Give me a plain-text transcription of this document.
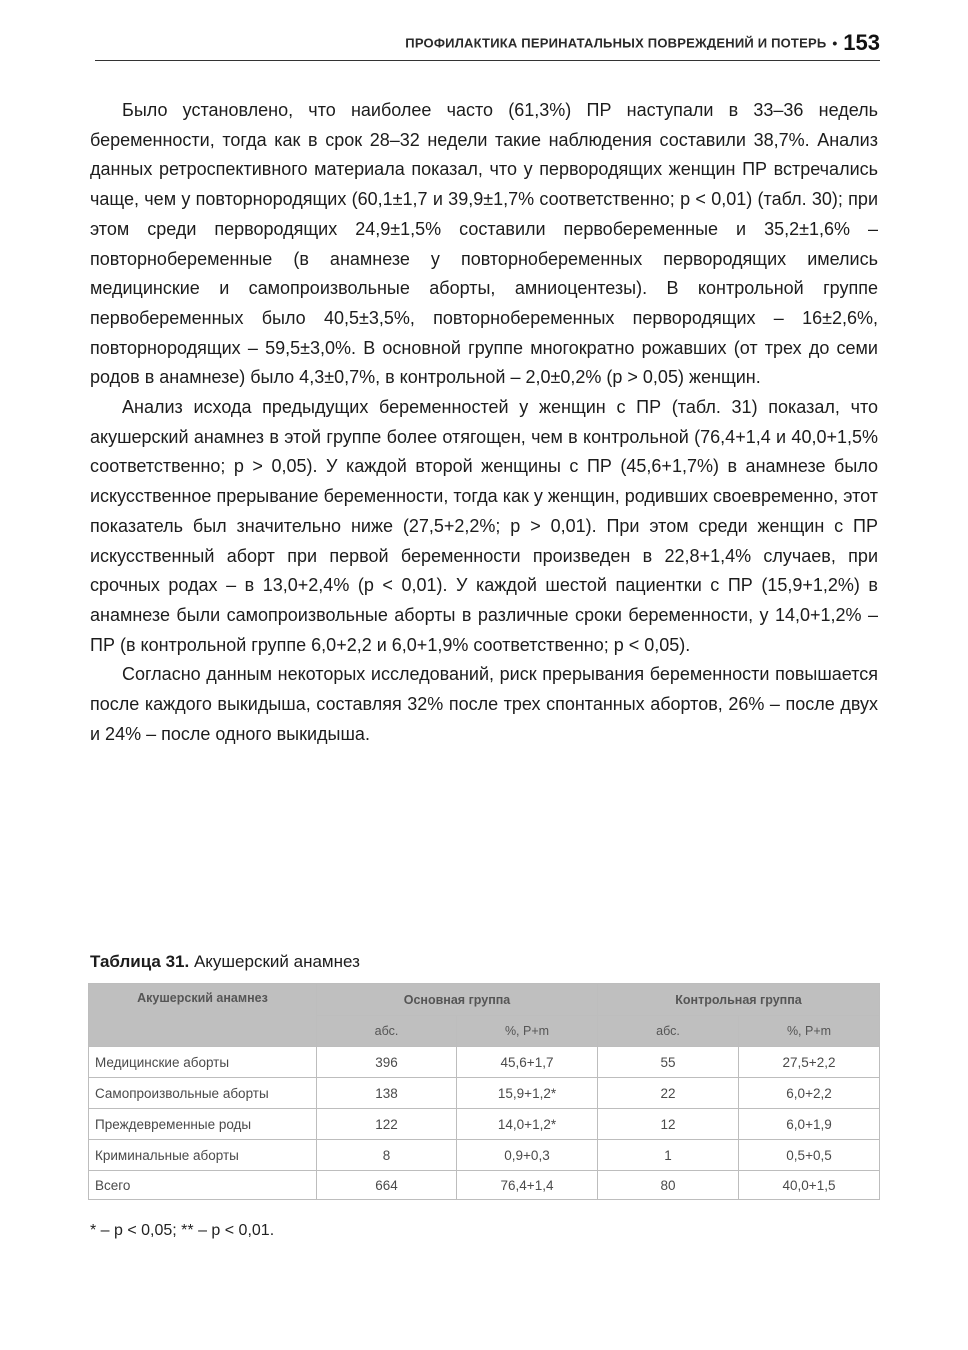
ПРОФИЛАКТИКА ПЕРИНАТАЛЬНЫХ ПОВРЕЖДЕНИЙ И ПОТЕРЬ • 153

Было установлено, что наиболее часто (61,3%) ПР наступали в 33–36 недель беременности, тогда как в срок 28–32 недели такие наблюдения составили 38,7%. Анализ данных ретроспективного материала показал, что у первородящих женщин ПР встречались чаще, чем у повторнородящих (60,1±1,7 и 39,9±1,7% соответственно; p < 0,01) (табл. 30); при этом среди первородящих 24,9±1,5% составили первобеременные и 35,2±1,6% – повторнобеременные (в анамнезе у повторнобеременных первородящих имелись медицинские и самопроизвольные аборты, амниоцентезы). В контрольной группе первобеременных было 40,5±3,5%, повторнобеременных первородящих – 16±2,6%, повторнородящих – 59,5±3,0%. В основной группе многократно рожавших (от трех до семи родов в анамнезе) было 4,3±0,7%, в контрольной – 2,0±0,2% (p > 0,05) женщин.

Анализ исхода предыдущих беременностей у женщин с ПР (табл. 31) показал, что акушерский анамнез в этой группе более отягощен, чем в контрольной (76,4+1,4 и 40,0+1,5% соответственно; p > 0,05). У каждой второй женщины с ПР (45,6+1,7%) в анамнезе было искусственное прерывание беременности, тогда как у женщин, родивших своевременно, этот показатель был значительно ниже (27,5+2,2%; p > 0,01). При этом среди женщин с ПР искусственный аборт при первой беременности произведен в 22,8+1,4% случаев, при срочных родах – в 13,0+2,4% (p < 0,01). У каждой шестой пациентки с ПР (15,9+1,2%) в анамнезе были самопроизвольные аборты в различные сроки беременности, у 14,0+1,2% – ПР (в контрольной группе 6,0+2,2 и 6,0+1,9% соответственно; p < 0,05).

Согласно данным некоторых исследований, риск прерывания беременности повышается после каждого выкидыша, составляя 32% после трех спонтанных абортов, 26% – после двух и 24% – после одного выкидыша.

Таблица 31. Акушерский анамнез
Акушерский анамнез	Основная группа		Контрольная группа	
	абс.	%, P+m	абс.	%, P+m
Медицинские аборты	396	45,6+1,7	55	27,5+2,2
Самопроизвольные аборты	138	15,9+1,2*	22	6,0+2,2
Преждевременные роды	122	14,0+1,2*	12	6,0+1,9
Криминальные аборты	8	0,9+0,3	1	0,5+0,5
Всего	664	76,4+1,4	80	40,0+1,5
* – p < 0,05; ** – p < 0,01.
